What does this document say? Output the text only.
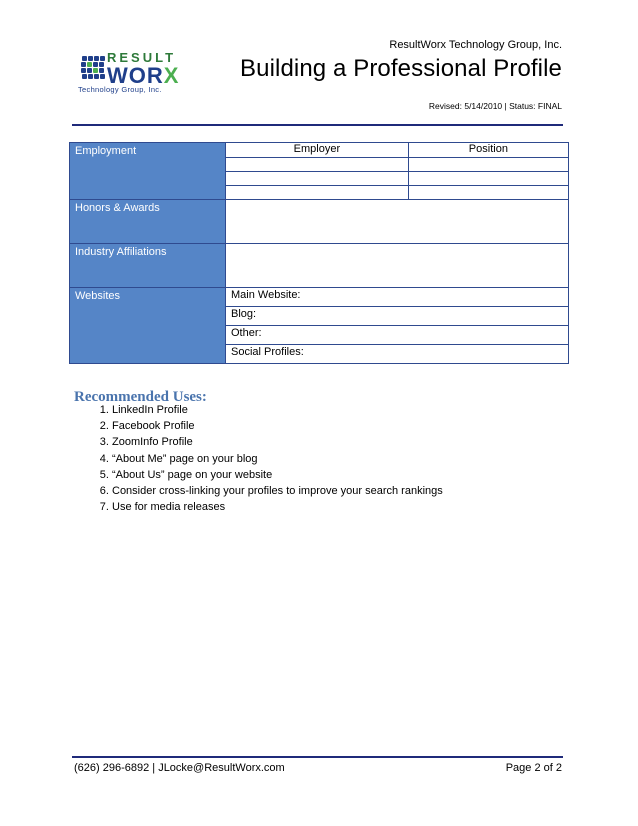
RESULT
WORX
Technology Group, Inc.
ResultWorx Technology Group, Inc.
Building a Professional Profile
Revised: 5/14/2010 | Status: FINAL
Employment	Employer	Position

Honors & Awards		
Industry Affiliations		
Websites	Main Website:	
	Blog:	
	Other:	
	Social Profiles:	
Recommended Uses:
1. LinkedIn Profile
2. Facebook Profile
3. ZoomInfo Profile
4. “About Me” page on your blog
5. “About Us” page on your website
6. Consider cross-linking your profiles to improve your search rankings
7. Use for media releases
(626) 296-6892 | JLocke@ResultWorx.com	Page 2 of 2
